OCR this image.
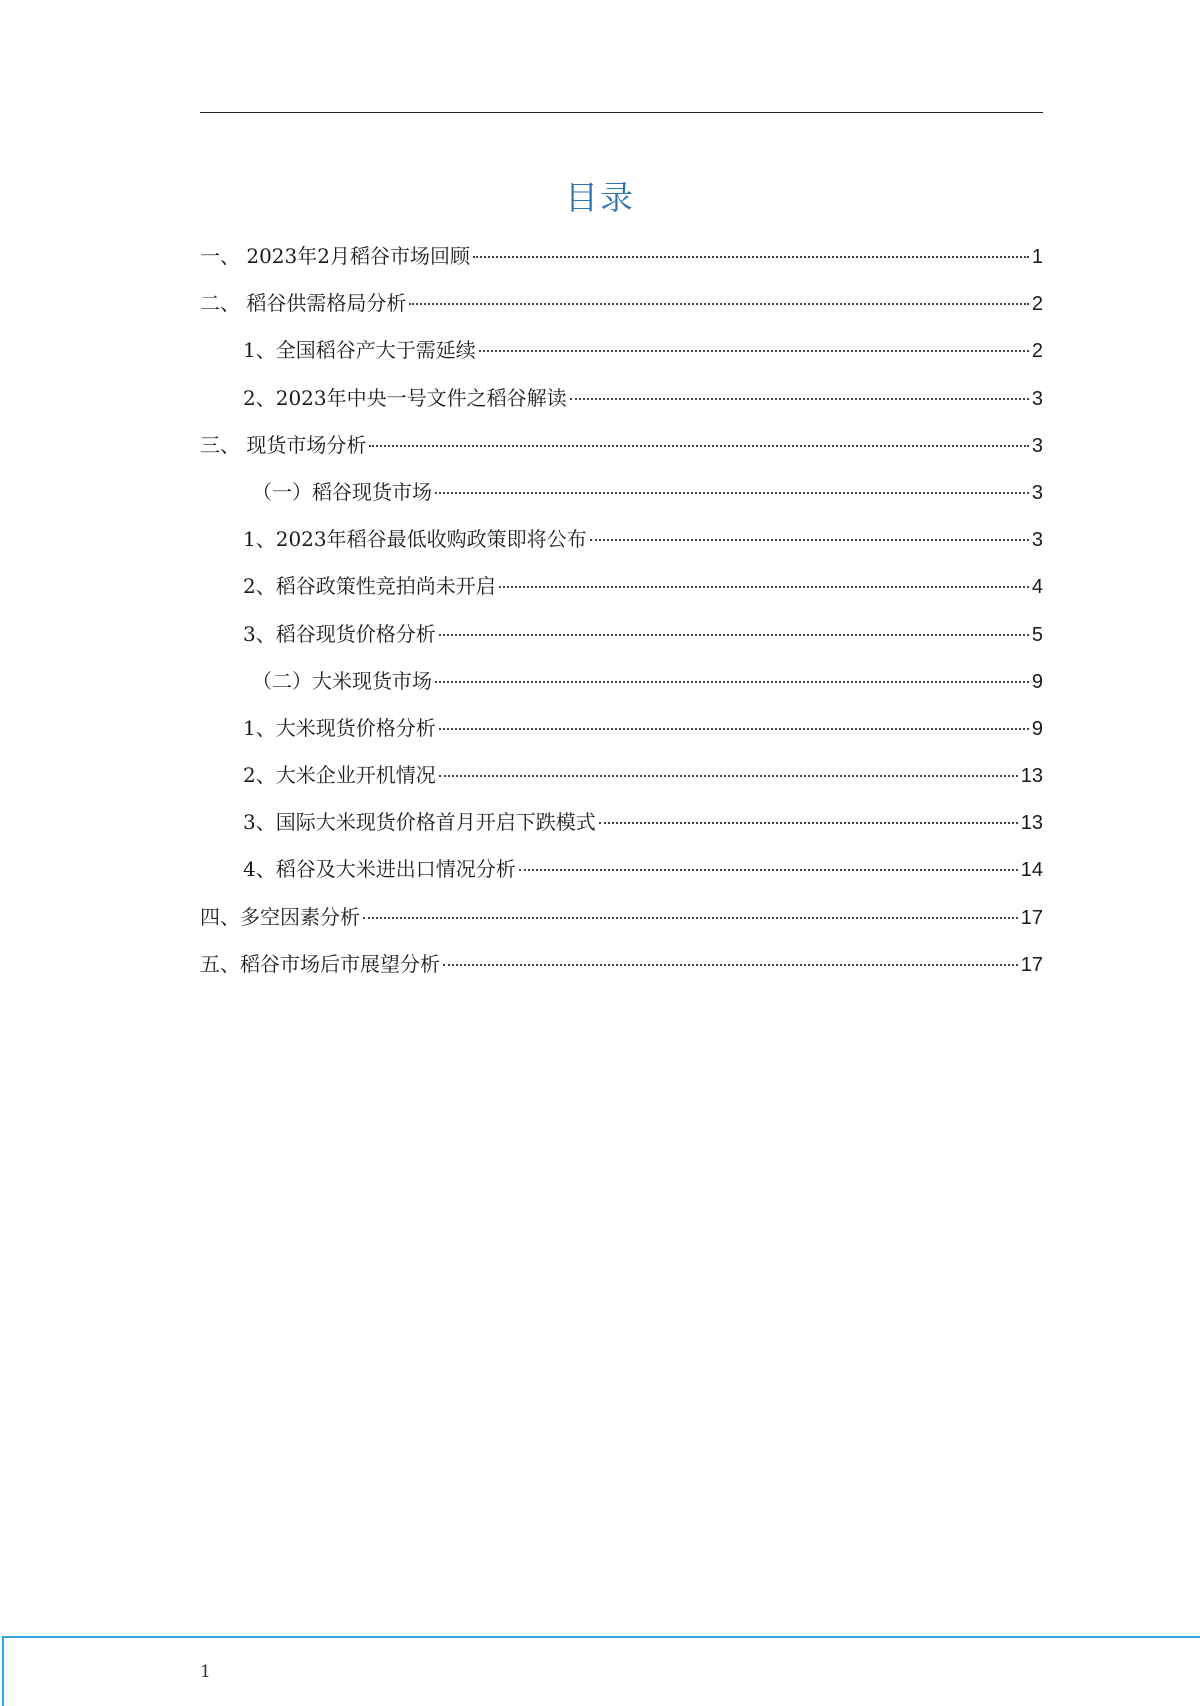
目录
一、 2023年2月稻谷市场回顾	1
二、 稻谷供需格局分析	2
1、全国稻谷产大于需延续	2
2、2023年中央一号文件之稻谷解读	3
三、 现货市场分析	3
（一）稻谷现货市场	3
1、2023年稻谷最低收购政策即将公布	3
2、稻谷政策性竞拍尚未开启	4
3、稻谷现货价格分析	5
（二）大米现货市场	9
1、大米现货价格分析	9
2、大米企业开机情况	13
3、国际大米现货价格首月开启下跌模式	13
4、稻谷及大米进出口情况分析	14
四、多空因素分析	17
五、稻谷市场后市展望分析	17
1
